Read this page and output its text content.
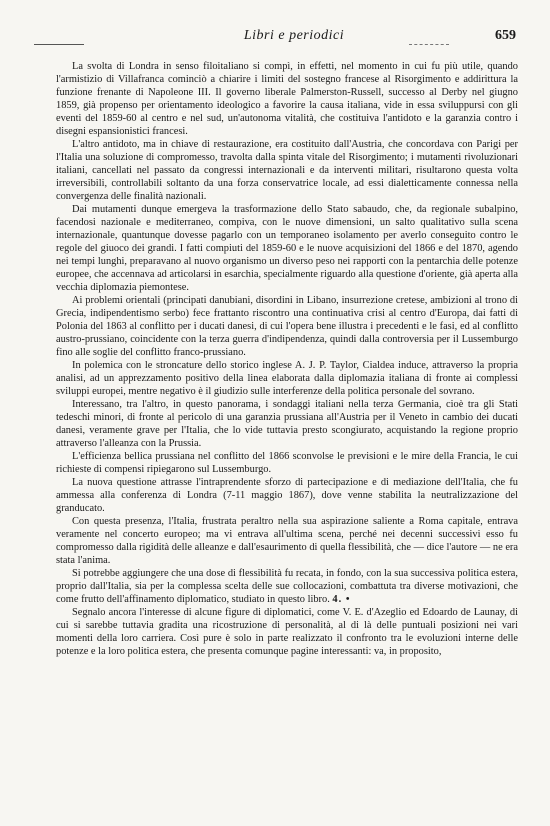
Libri e periodici	659

La svolta di Londra in senso filoitaliano si compì, in effetti, nel momento in cui fu più utile, quando l'armistizio di Villafranca cominciò a chiarire i limiti del sostegno francese al Risorgimento e addirittura la funzione frenante di Napoleone III. Il governo liberale Palmerston-Russell, successo al Derby nel giugno 1859, già propenso per orientamento ideologico a favorire la causa italiana, vide in essa sviluppursi con gli eventi del 1859-60 al centro e nel sud, un'autonoma vitalità, che costituiva l'antidoto e la garanzia contro i disegni espansionistici francesi.

L'altro antidoto, ma in chiave di restaurazione, era costituito dall'Austria, che concordava con Parigi per l'Italia una soluzione di compromesso, travolta dalla spinta vitale del Risorgimento; i mutamenti rivoluzionari italiani, cancellati nel passato da congressi internazionali e da interventi militari, risultarono questa volta irreversibili, controllabili soltanto da una forza conservatrice locale, ad essi dialetticamente connessa nella convergenza delle finalità nazionali.

Dai mutamenti dunque emergeva la trasformazione dello Stato sabaudo, che, da regionale subalpino, facendosi nazionale e mediterraneo, compiva, con le nuove dimensioni, un salto qualitativo sulla scena internazionale, quantunque dovesse pagarlo con un temporaneo isolamento per averlo conseguito contro le regole del giuoco dei grandi. I fatti compiuti del 1859-60 e le nuove acquisizioni del 1866 e del 1870, agendo nei tempi lunghi, preparavano al nuovo organismo un diverso peso nei rapporti con la pentarchia delle potenze europee, che accennava ad articolarsi in esarchia, specialmente riguardo alla questione d'oriente, già aperta alla vecchia diplomazia piemontese.

Ai problemi orientali (principati danubiani, disordini in Libano, insurrezione cretese, ambizioni al trono di Grecia, indipendentismo serbo) fece frattanto riscontro una continuativa crisi al centro d'Europa, dai fatti di Polonia del 1863 al conflitto per i ducati danesi, di cui l'opera bene illustra i precedenti e le fasi, ed al conflitto austro-prussiano, coincidente con la terza guerra d'indipendenza, quindi dalla controversia per il Lussemburgo fino alle soglie del conflitto franco-prussiano.

In polemica con le stroncature dello storico inglese A. J. P. Taylor, Cialdea induce, attraverso la propria analisi, ad un apprezzamento positivo della linea elaborata dalla diplomazia italiana di fronte ai complessi sviluppi europei, mentre negativo è il giudizio sulle interferenze della politica personale del sovrano.

Interessano, tra l'altro, in questo panorama, i sondaggi italiani nella terza Germania, cioè tra gli Stati tedeschi minori, di fronte al pericolo di una garanzia prussiana all'Austria per il Veneto in cambio dei ducati danesi, veramente grave per l'Italia, che lo vide tuttavia presto scongiurato, acquistando la regione proprio attraverso l'alleanza con la Prussia.

L'efficienza bellica prussiana nel conflitto del 1866 sconvolse le previsioni e le mire della Francia, le cui richieste di compensi ripiegarono sul Lussemburgo.

La nuova questione attrasse l'intraprendente sforzo di partecipazione e di mediazione dell'Italia, che fu ammessa alla conferenza di Londra (7-11 maggio 1867), dove venne stabilita la neutralizzazione del granducato.

Con questa presenza, l'Italia, frustrata peraltro nella sua aspirazione saliente a Roma capitale, entrava veramente nel concerto europeo; ma vi entrava all'ultima scena, perché nei decenni successivi esso fu compromesso dalla rigidità delle alleanze e dall'esaurimento di quella flessibilità, che — dice l'autore — ne era stata l'anima.

Si potrebbe aggiungere che una dose di flessibilità fu recata, in fondo, con la sua successiva politica estera, proprio dall'Italia, sia per la complessa scelta delle sue collocazioni, combattuta tra diverse motivazioni, che come frutto dell'affinamento diplomatico, studiato in questo libro. 4. •

Segnalo ancora l'interesse di alcune figure di diplomatici, come V. E. d'Azeglio ed Edoardo de Launay, di cui si sarebbe tuttavia gradita una ricostruzione di personalità, al di là delle puntuali posizioni nei vari momenti della loro carriera. Così pure è solo in parte realizzato il confronto tra le evoluzioni interne delle potenze e la loro politica estera, che presenta comunque pagine interessanti: va, in proposito,
